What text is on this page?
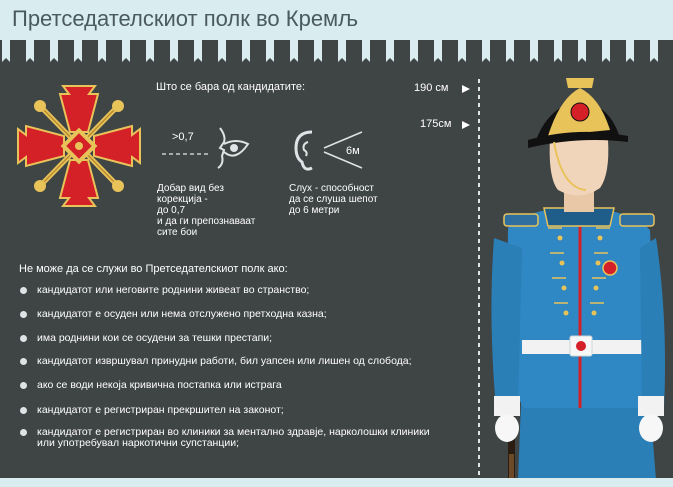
Претседателскиот полк во Кремљ
Што се бара од кандидатите:
>0,7
Добар вид без
корекција -
до 0,7
и да ги препознаваат
сите бои
6м
Слух - способност
да се слуша шепот
до 6 метри
190 см
175см
Не може да се служи во Претседателскиот полк ако:
кандидатот или неговите роднини живеат во странство;
кандидатот е осуден или нема отслужено претходна казна;
има роднини кои се осудени за тешки престапи;
кандидатот извршувал принудни работи, бил уапсен или лишен од слобода;
ако се води некоја кривична постапка или истрага
кандидатот е регистриран прекршител на законот;
кандидатот е регистриран во клиники за ментално здравје, нарколошки клиники или употребувал наркотични супстанции;
